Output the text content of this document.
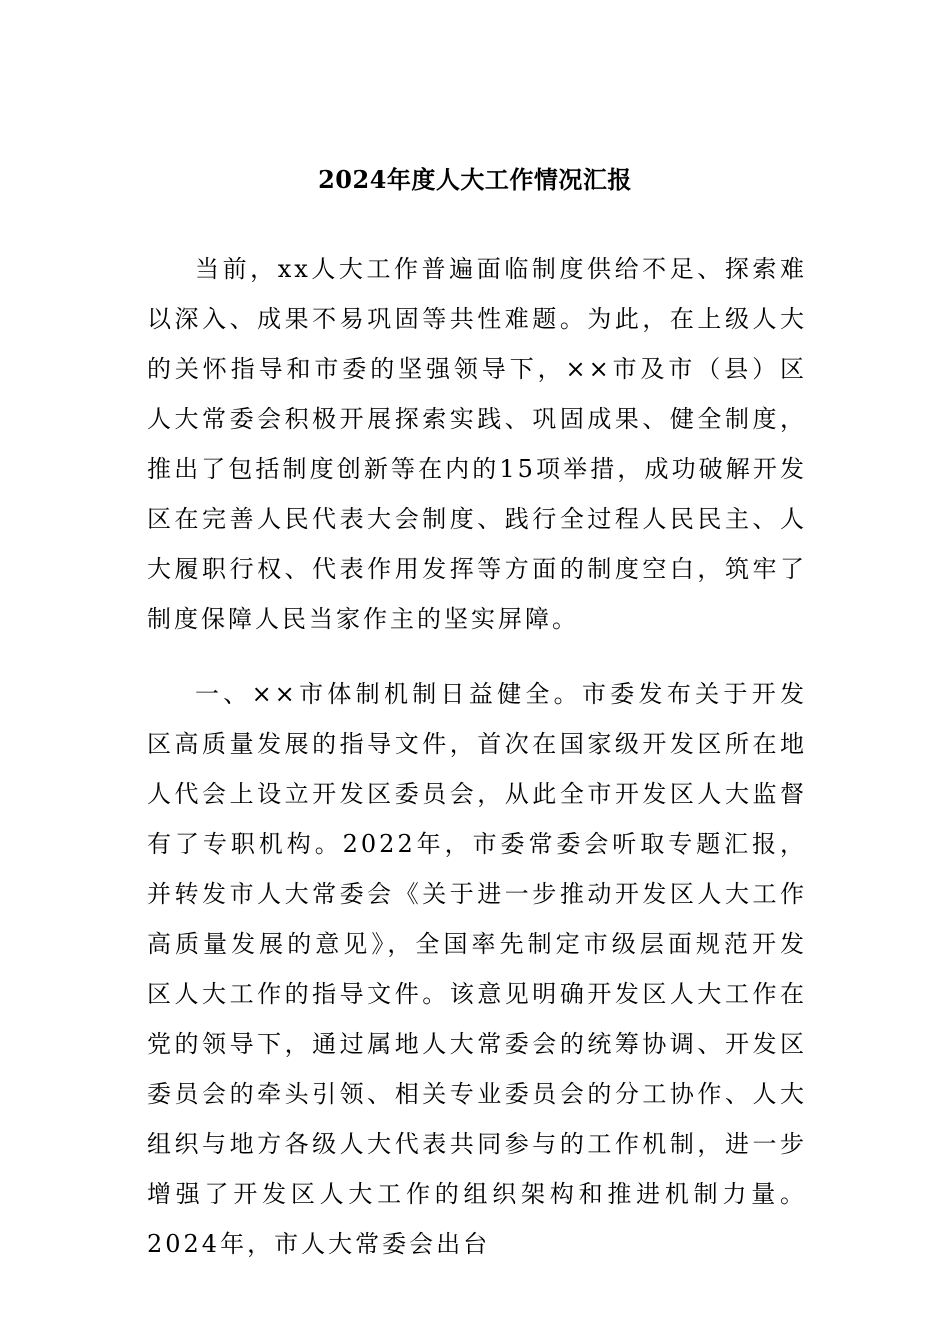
2024年度人大工作情况汇报

当前，xx人大工作普遍面临制度供给不足、探索难以深入、成果不易巩固等共性难题。为此，在上级人大的关怀指导和市委的坚强领导下，××市及市（县）区人大常委会积极开展探索实践、巩固成果、健全制度，推出了包括制度创新等在内的15项举措，成功破解开发区在完善人民代表大会制度、践行全过程人民民主、人大履职行权、代表作用发挥等方面的制度空白，筑牢了制度保障人民当家作主的坚实屏障。

一、××市体制机制日益健全。市委发布关于开发区高质量发展的指导文件，首次在国家级开发区所在地人代会上设立开发区委员会，从此全市开发区人大监督有了专职机构。2022年，市委常委会听取专题汇报，并转发市人大常委会《关于进一步推动开发区人大工作高质量发展的意见》，全国率先制定市级层面规范开发区人大工作的指导文件。该意见明确开发区人大工作在党的领导下，通过属地人大常委会的统筹协调、开发区委员会的牵头引领、相关专业委员会的分工协作、人大组织与地方各级人大代表共同参与的工作机制，进一步增强了开发区人大工作的组织架构和推进机制力量。2024年，市人大常委会出台
